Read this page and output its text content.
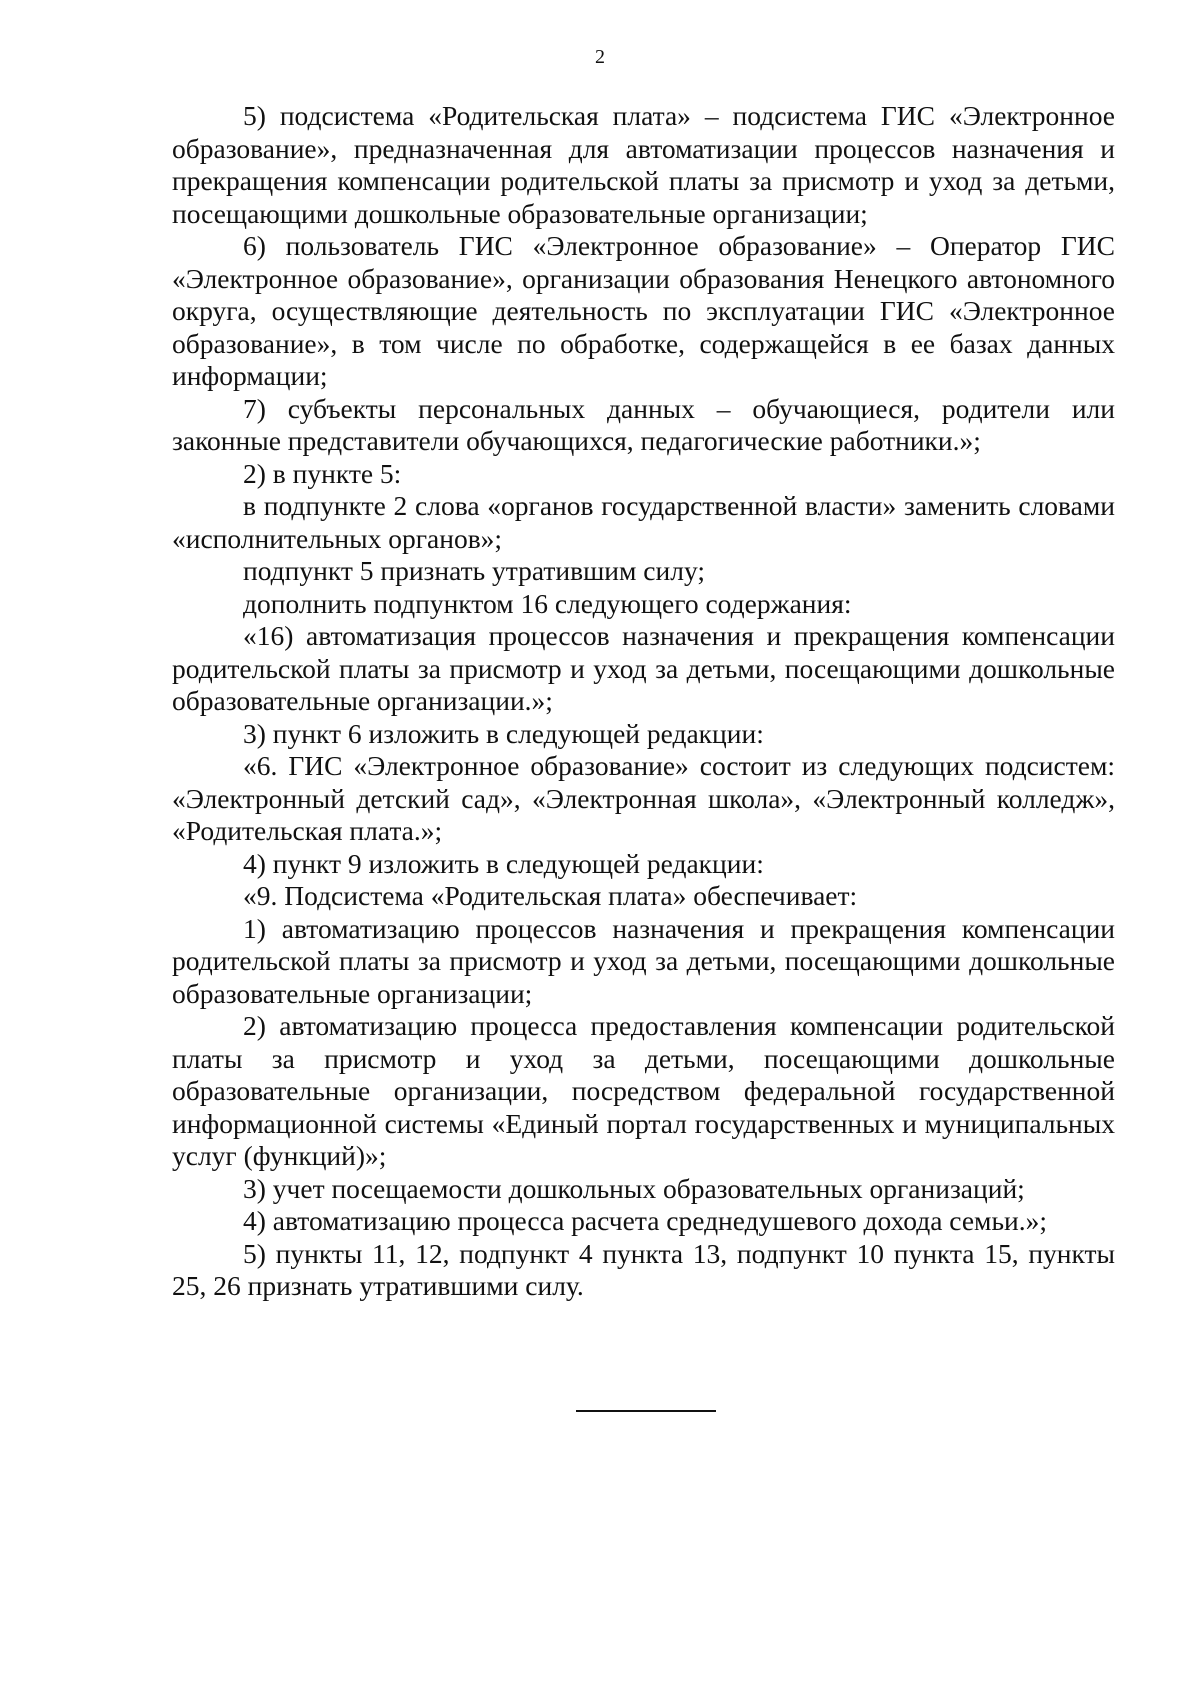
2

5) подсистема «Родительская плата» – подсистема ГИС «Электронное образование», предназначенная для автоматизации процессов назначения и прекращения компенсации родительской платы за присмотр и уход за детьми, посещающими дошкольные образовательные организации;

6) пользователь ГИС «Электронное образование» – Оператор ГИС «Электронное образование», организации образования Ненецкого автономного округа, осуществляющие деятельность по эксплуатации ГИС «Электронное образование», в том числе по обработке, содержащейся в ее базах данных информации;

7) субъекты персональных данных – обучающиеся, родители или законные представители обучающихся, педагогические работники.»;

2) в пункте 5:

в подпункте 2 слова «органов государственной власти» заменить словами «исполнительных органов»;

подпункт 5 признать утратившим силу;

дополнить подпунктом 16 следующего содержания:

«16) автоматизация процессов назначения и прекращения компенсации родительской платы за присмотр и уход за детьми, посещающими дошкольные образовательные организации.»;

3) пункт 6 изложить в следующей редакции:

«6. ГИС «Электронное образование» состоит из следующих подсистем: «Электронный детский сад», «Электронная школа», «Электронный колледж», «Родительская плата.»;

4) пункт 9 изложить в следующей редакции:

«9. Подсистема «Родительская плата» обеспечивает:

1) автоматизацию процессов назначения и прекращения компенсации родительской платы за присмотр и уход за детьми, посещающими дошкольные образовательные организации;

2) автоматизацию процесса предоставления компенсации родительской платы за присмотр и уход за детьми, посещающими дошкольные образовательные организации, посредством федеральной государственной информационной системы «Единый портал государственных и муниципальных услуг (функций)»;

3) учет посещаемости дошкольных образовательных организаций;

4) автоматизацию процесса расчета среднедушевого дохода семьи.»;

5) пункты 11, 12, подпункт 4 пункта 13, подпункт 10 пункта 15, пункты 25, 26 признать утратившими силу.
